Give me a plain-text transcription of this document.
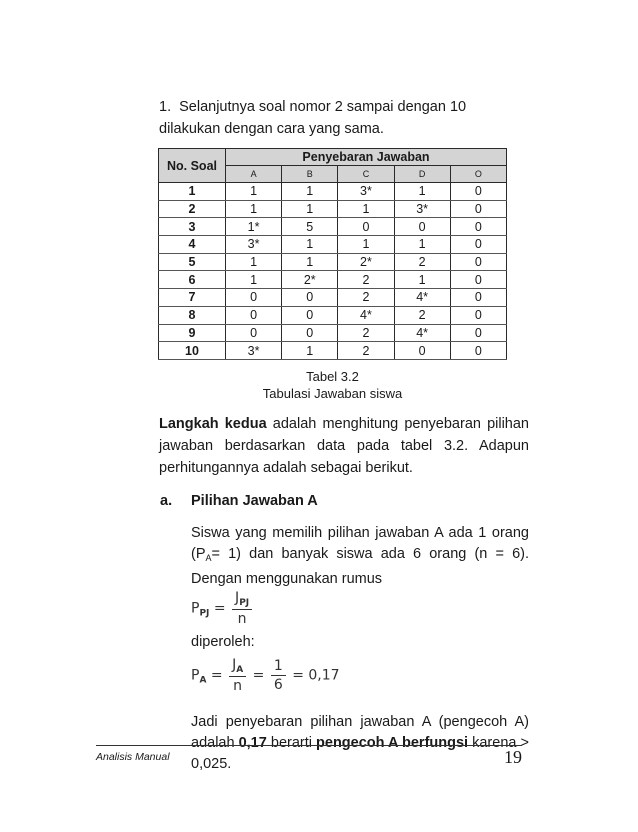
1. Selanjutnya soal nomor 2 sampai dengan 10 dilakukan dengan cara yang sama.
No. Soal	Penyebaran Jawaban				
	A	B	C	D	O
1	1	1	3*	1	0
2	1	1	1	3*	0
3	1*	5	0	0	0
4	3*	1	1	1	0
5	1	1	2*	2	0
6	1	2*	2	1	0
7	0	0	2	4*	0
8	0	0	4*	2	0
9	0	0	2	4*	0
10	3*	1	2	0	0
Tabel 3.2
Tabulasi Jawaban siswa
Langkah kedua adalah menghitung penyebaran pilihan jawaban berdasarkan data pada tabel 3.2. Adapun perhitungannya adalah sebagai berikut.
a. Pilihan Jawaban A
Siswa yang memilih pilihan jawaban A ada 1 orang $(P_A= 1)$ dan banyak siswa ada 6 orang (n = 6). Dengan menggunakan rumus
$P_{PJ} = \frac{J_{PJ}}{n}$
diperoleh:
$P_A = \frac{J_A}{n} = \frac{1}{6} = 0,17$
Jadi penyebaran pilihan jawaban A (pengecoh A) adalah 0,17 berarti pengecoh A berfungsi karena > 0,025.
Analisis Manual	19
